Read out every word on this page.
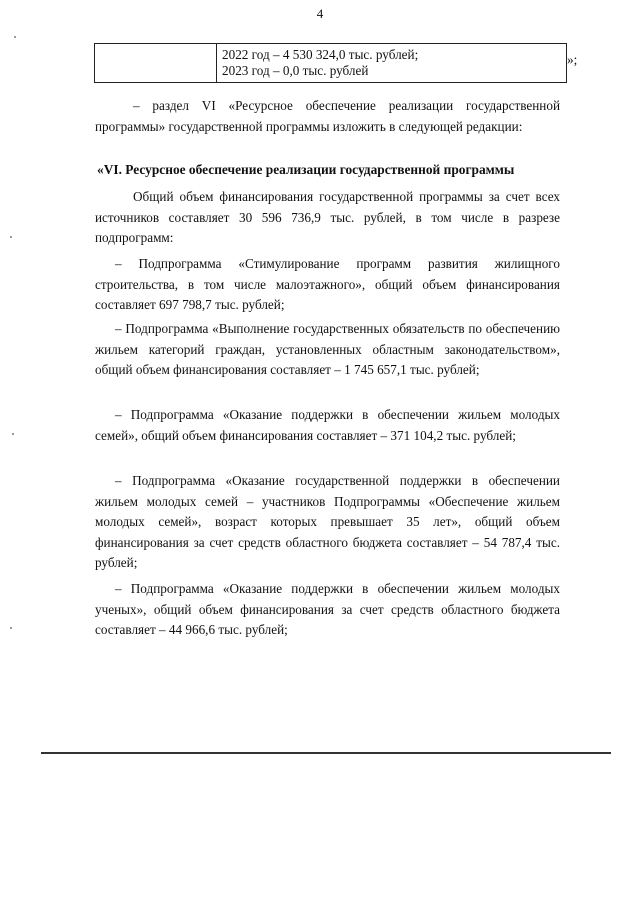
4

2022 год – 4 530 324,0 тыс. рублей;
2023 год – 0,0 тыс. рублей
»;

– раздел VI «Ресурсное обеспечение реализации государственной программы» государственной программы изложить в следующей редакции:

«VI. Ресурсное обеспечение реализации государственной программы

Общий объем финансирования государственной программы за счет всех источников составляет 30 596 736,9 тыс. рублей, в том числе в разрезе подпрограмм:

– Подпрограмма «Стимулирование программ развития жилищного строительства, в том числе малоэтажного», общий объем финансирования составляет 697 798,7 тыс. рублей;

– Подпрограмма «Выполнение государственных обязательств по обеспечению жильем категорий граждан, установленных областным законодательством», общий объем финансирования составляет – 1 745 657,1 тыс. рублей;

– Подпрограмма «Оказание поддержки в обеспечении жильем молодых семей», общий объем финансирования составляет – 371 104,2 тыс. рублей;

– Подпрограмма «Оказание государственной поддержки в обеспечении жильем молодых семей – участников Подпрограммы «Обеспечение жильем молодых семей», возраст которых превышает 35 лет», общий объем финансирования за счет средств областного бюджета составляет – 54 787,4 тыс. рублей;

– Подпрограмма «Оказание поддержки в обеспечении жильем молодых ученых», общий объем финансирования за счет средств областного бюджета составляет – 44 966,6 тыс. рублей;
